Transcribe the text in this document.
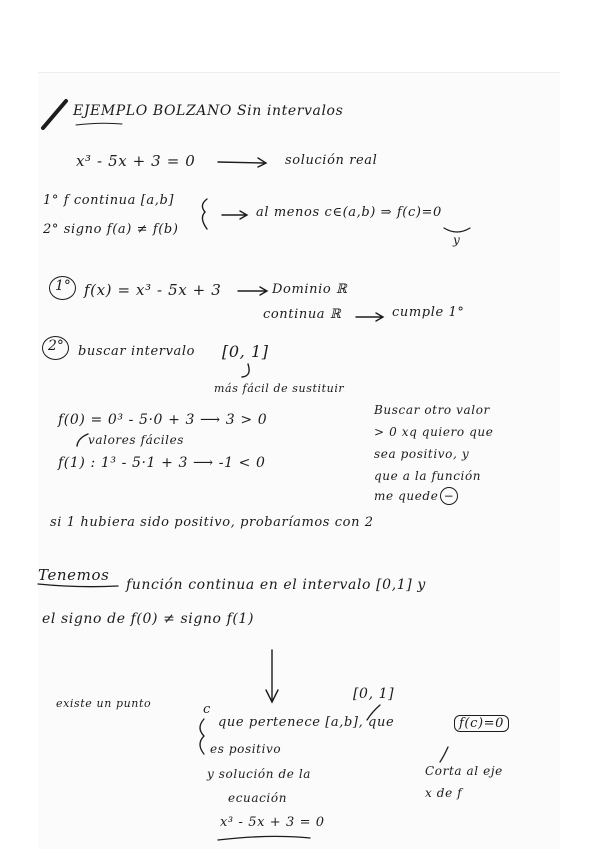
EJEMPLO BOLZANO Sin intervalos
x³ - 5x + 3 = 0	solución real
1° f continua [a,b]
2° signo f(a) ≠ f(b)
al menos c∈(a,b) ⇒ f(c)=0
y
1° f(x) = x³ - 5x + 3	Dominio ℝ
continua ℝ	cumple 1°
2° buscar intervalo [0, 1]
más fácil de sustituir
f(0) = 0³ - 5·0 + 3 ⟶ 3 > 0
valores fáciles
f(1) : 1³ - 5·1 + 3 ⟶ -1 < 0
Buscar otro valor
> 0 xq quiero que
sea positivo, y
que a la función
me quede −
si 1 hubiera sido positivo, probaríamos con 2
Tenemos
función continua en el intervalo [0,1] y
el signo de f(0) ≠ signo f(1)
existe un punto	c
que pertenece [a,b], que
[0, 1]
f(c)=0
es positivo
y solución de la
ecuación
x³ - 5x + 3 = 0
Corta al eje
x de f
